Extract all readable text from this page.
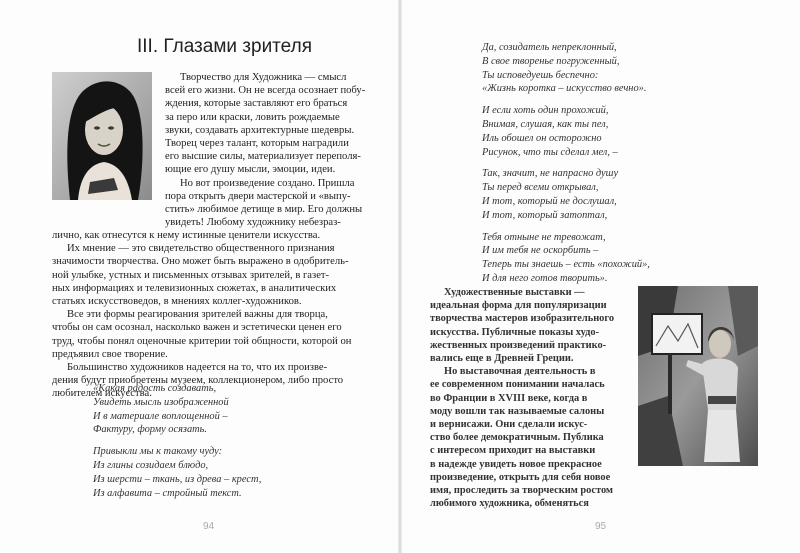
III. Глазами зрителя
Творчество для Художника — смысл
всей его жизни. Он не всегда осознает побу-
ждения, которые заставляют его браться
за перо или краски, ловить рождаемые
звуки, создавать архитектурные шедевры.
Творец через талант, которым наградили
его высшие силы, материализует переполя-
ющие его душу мысли, эмоции, идеи.
Но вот произведение создано. Пришла
пора открыть двери мастерской и «выпу-
стить» любимое детище в мир. Его должны
увидеть! Любому художнику небезраз-
лично, как отнесутся к нему истинные ценители искусства.
Их мнение — это свидетельство общественного признания
значимости творчества. Оно может быть выражено в одобритель-
ной улыбке, устных и письменных отзывах зрителей, в газет-
ных информациях и телевизионных сюжетах, в аналитических
статьях искусствоведов, в мнениях коллег-художников.
Все эти формы реагирования зрителей важны для творца,
чтобы он сам осознал, насколько важен и эстетически ценен его
труд, чтобы понял оценочные критерии той общности, которой он
предъявил свое творение.
Большинство художников надеется на то, что их произве-
дения будут приобретены музеем, коллекционером, либо просто
любителем искусства.
«Какая радость создавать,
Увидеть мысль изображенной
И в материале воплощенной –
Фактуру, форму осязать.
Привыкли мы к такому чуду:
Из глины созидаем блюдо,
Из шерсти – ткань, из древа – крест,
Из алфавита – стройный текст.
94
Да, созидатель непреклонный,
В свое творенье погруженный,
Ты исповедуешь беспечно:
«Жизнь коротка – искусство вечно».
И если хоть один прохожий,
Внимая, слушая, как ты пел,
Иль обошел он осторожно
Рисунок, что ты сделал мел, –
Так, значит, не напрасно душу
Ты перед всеми открывал,
И тот, который не дослушал,
И тот, который затоптал,
Тебя отныне не тревожат,
И им тебя не оскорбить –
Теперь ты знаешь – есть «похожий»,
И для него готов творить».
Художественные выставки —
идеальная форма для популяризации
творчества мастеров изобразительного
искусства. Публичные показы худо-
жественных произведений практико-
вались еще в Древней Греции.
Но выставочная деятельность в
ее современном понимании началась
во Франции в XVIII веке, когда в
моду вошли так называемые салоны
и вернисажи. Они сделали искус-
ство более демократичным. Публика
с интересом приходит на выставки
в надежде увидеть новое прекрасное
произведение, открыть для себя новое
имя, проследить за творческим ростом
любимого художника, обменяться
95
